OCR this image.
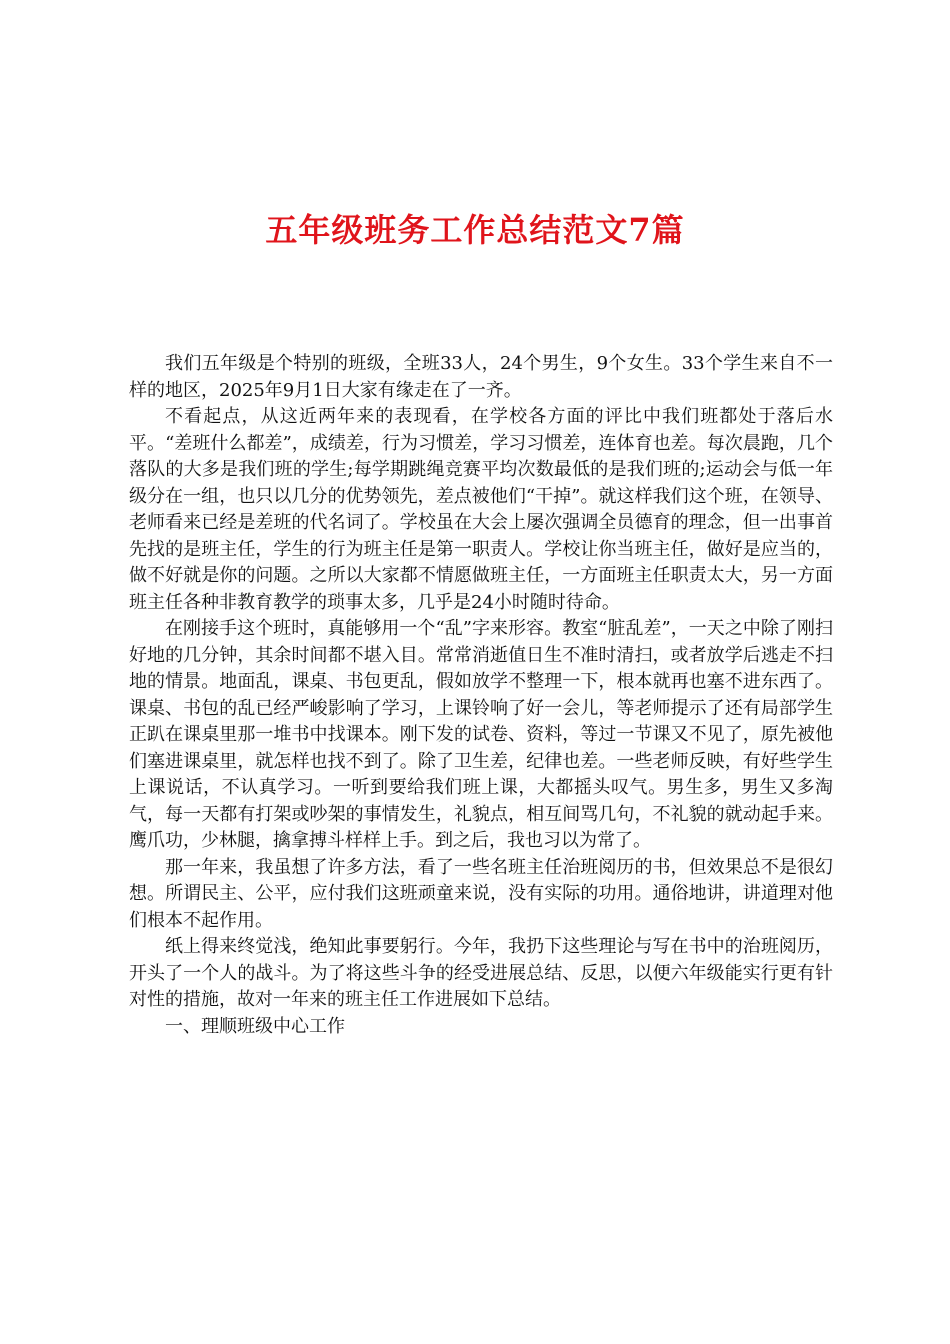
五年级班务工作总结范文7篇

我们五年级是个特别的班级，全班33人，24个男生，9个女生。33个学生来自不一样的地区，2025年9月1日大家有缘走在了一齐。

不看起点，从这近两年来的表现看，在学校各方面的评比中我们班都处于落后水平。“差班什么都差”，成绩差，行为习惯差，学习习惯差，连体育也差。每次晨跑，几个落队的大多是我们班的学生;每学期跳绳竞赛平均次数最低的是我们班的;运动会与低一年级分在一组，也只以几分的优势领先，差点被他们“干掉”。就这样我们这个班，在领导、老师看来已经是差班的代名词了。学校虽在大会上屡次强调全员德育的理念，但一出事首先找的是班主任，学生的行为班主任是第一职责人。学校让你当班主任，做好是应当的，做不好就是你的问题。之所以大家都不情愿做班主任，一方面班主任职责太大，另一方面班主任各种非教育教学的琐事太多，几乎是24小时随时待命。

在刚接手这个班时，真能够用一个“乱”字来形容。教室“脏乱差”，一天之中除了刚扫好地的几分钟，其余时间都不堪入目。常常消逝值日生不准时清扫，或者放学后逃走不扫地的情景。地面乱，课桌、书包更乱，假如放学不整理一下，根本就再也塞不进东西了。课桌、书包的乱已经严峻影响了学习，上课铃响了好一会儿，等老师提示了还有局部学生正趴在课桌里那一堆书中找课本。刚下发的试卷、资料，等过一节课又不见了，原先被他们塞进课桌里，就怎样也找不到了。除了卫生差，纪律也差。一些老师反映，有好些学生上课说话，不认真学习。一听到要给我们班上课，大都摇头叹气。男生多，男生又多淘气，每一天都有打架或吵架的事情发生，礼貌点，相互间骂几句，不礼貌的就动起手来。鹰爪功，少林腿，擒拿搏斗样样上手。到之后，我也习以为常了。

那一年来，我虽想了许多方法，看了一些名班主任治班阅历的书，但效果总不是很幻想。所谓民主、公平，应付我们这班顽童来说，没有实际的功用。通俗地讲，讲道理对他们根本不起作用。

纸上得来终觉浅，绝知此事要躬行。今年，我扔下这些理论与写在书中的治班阅历，开头了一个人的战斗。为了将这些斗争的经受进展总结、反思，以便六年级能实行更有针对性的措施，故对一年来的班主任工作进展如下总结。

一、理顺班级中心工作
